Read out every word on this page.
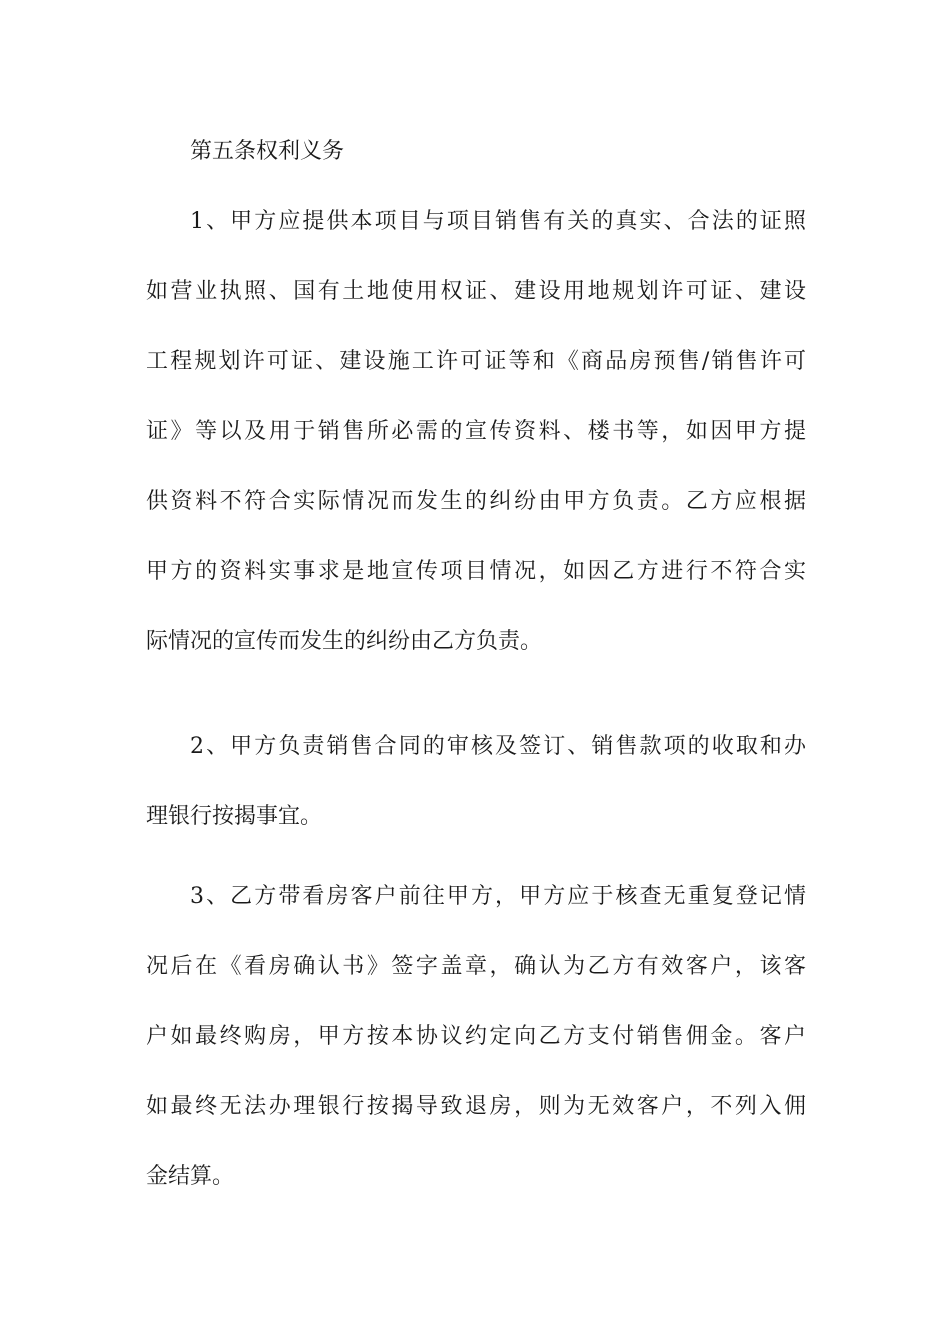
第五条权利义务
1、甲方应提供本项目与项目销售有关的真实、合法的证照
如营业执照、国有土地使用权证、建设用地规划许可证、建设
工程规划许可证、建设施工许可证等和《商品房预售/销售许可
证》等以及用于销售所必需的宣传资料、楼书等，如因甲方提
供资料不符合实际情况而发生的纠纷由甲方负责。乙方应根据
甲方的资料实事求是地宣传项目情况，如因乙方进行不符合实
际情况的宣传而发生的纠纷由乙方负责。
2、甲方负责销售合同的审核及签订、销售款项的收取和办
理银行按揭事宜。
3、乙方带看房客户前往甲方，甲方应于核查无重复登记情
况后在《看房确认书》签字盖章，确认为乙方有效客户，该客
户如最终购房，甲方按本协议约定向乙方支付销售佣金。客户
如最终无法办理银行按揭导致退房，则为无效客户，不列入佣
金结算。
